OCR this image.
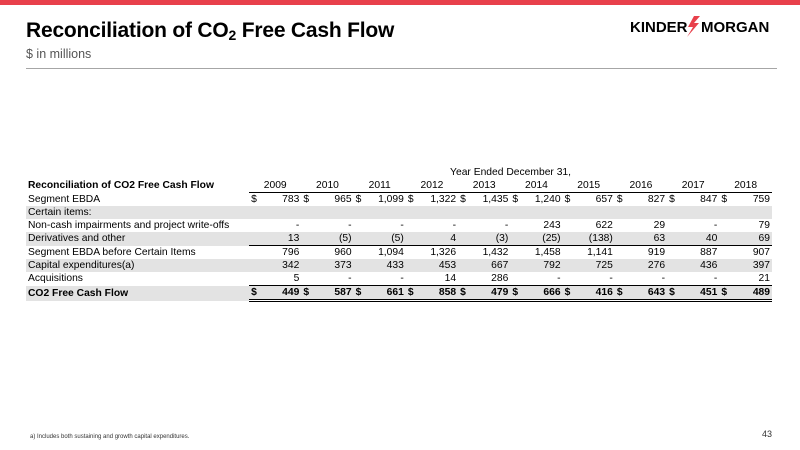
Reconciliation of $CO_2$ Free Cash Flow
$ in millions
KINDER MORGAN
	Year Ended December 31,																			
Reconciliation of CO2 Free Cash Flow	2009		2010		2011		2012		2013		2014		2015		2016		2017		2018	
Segment EBDA	$	783	$	965	$	1,099	$	1,322	$	1,435	$	1,240	$	657	$	827	$	847	$	759
Certain items:																				
Non-cash impairments and project write-offs		-		-		-		-		-		243		622		29		-		79
Derivatives and other		13		(5)		(5)		4		(3)		(25)		(138)		63		40		69
Segment EBDA before Certain Items		796		960		1,094		1,326		1,432		1,458		1,141		919		887		907
Capital expenditures(a)		342		373		433		453		667		792		725		276		436		397
Acquisitions		5		-		-		14		286		-		-		-		-		21
CO2 Free Cash Flow	$	449	$	587	$	661	$	858	$	479	$	666	$	416	$	643	$	451	$	489
a) Includes both sustaining and growth capital expenditures.	43
